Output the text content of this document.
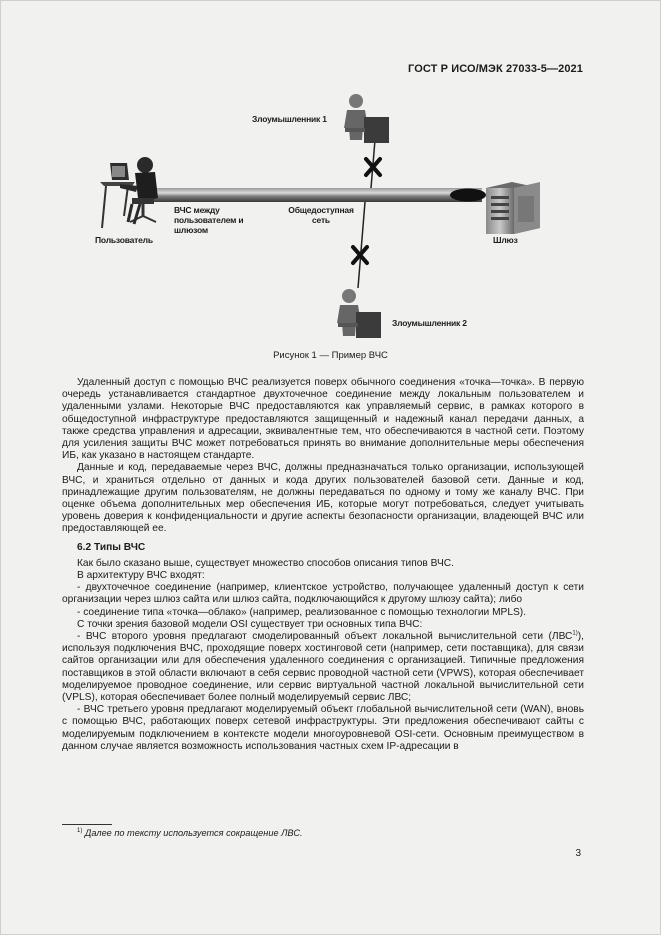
ГОСТ Р ИСО/МЭК 27033-5—2021
Злоумышленник 1
Злоумышленник 2
Пользователь	Шлюз
ВЧС между
пользователем и
шлюзом
Общедоступная
сеть
Рисунок 1 — Пример ВЧС

Удаленный доступ с помощью ВЧС реализуется поверх обычного соединения «точка—точка». В первую очередь устанавливается стандартное двухточечное соединение между локальным пользователем и удаленными узлами. Некоторые ВЧС предоставляются как управляемый сервис, в рамках которого в общедоступной инфраструктуре предоставляются защищенный и надежный канал передачи данных, а также средства управления и адресации, эквивалентные тем, что обеспечиваются в частной сети. Поэтому для усиления защиты ВЧС может потребоваться принять во внимание дополнительные меры обеспечения ИБ, как указано в настоящем стандарте.

Данные и код, передаваемые через ВЧС, должны предназначаться только организации, использующей ВЧС, и храниться отдельно от данных и кода других пользователей базовой сети. Данные и код, принадлежащие другим пользователям, не должны передаваться по одному и тому же каналу ВЧС. При оценке объема дополнительных мер обеспечения ИБ, которые могут потребоваться, следует учитывать уровень доверия к конфиденциальности и другие аспекты безопасности организации, владеющей ВЧС или предоставляющей ее.

6.2 Типы ВЧС

Как было сказано выше, существует множество способов описания типов ВЧС.

В архитектуру ВЧС входят:

- двухточечное соединение (например, клиентское устройство, получающее удаленный доступ к сети организации через шлюз сайта или шлюз сайта, подключающийся к другому шлюзу сайта); либо

- соединение типа «точка—облако» (например, реализованное с помощью технологии MPLS).

С точки зрения базовой модели OSI существует три основных типа ВЧС:

- ВЧС второго уровня предлагают смоделированный объект локальной вычислительной сети (ЛВС$^{1)}$), используя подключения ВЧС, проходящие поверх хостинговой сети (например, сети поставщика), для связи сайтов организации или для обеспечения удаленного соединения с организацией. Типичные предложения поставщиков в этой области включают в себя сервис проводной частной сети (VPWS), которая обеспечивает моделируемое проводное соединение, или сервис виртуальной частной локальной вычислительной сети (VPLS), которая обеспечивает более полный моделируемый сервис ЛВС;

- ВЧС третьего уровня предлагают моделируемый объект глобальной вычислительной сети (WAN), вновь с помощью ВЧС, работающих поверх сетевой инфраструктуры. Эти предложения обеспечивают сайты с моделируемым подключением в контексте модели многоуровневой OSI-сети. Основным преимуществом в данном случае является возможность использования частных схем IP-адресации в

$^{1)}$ Далее по тексту используется сокращение ЛВС.
3
